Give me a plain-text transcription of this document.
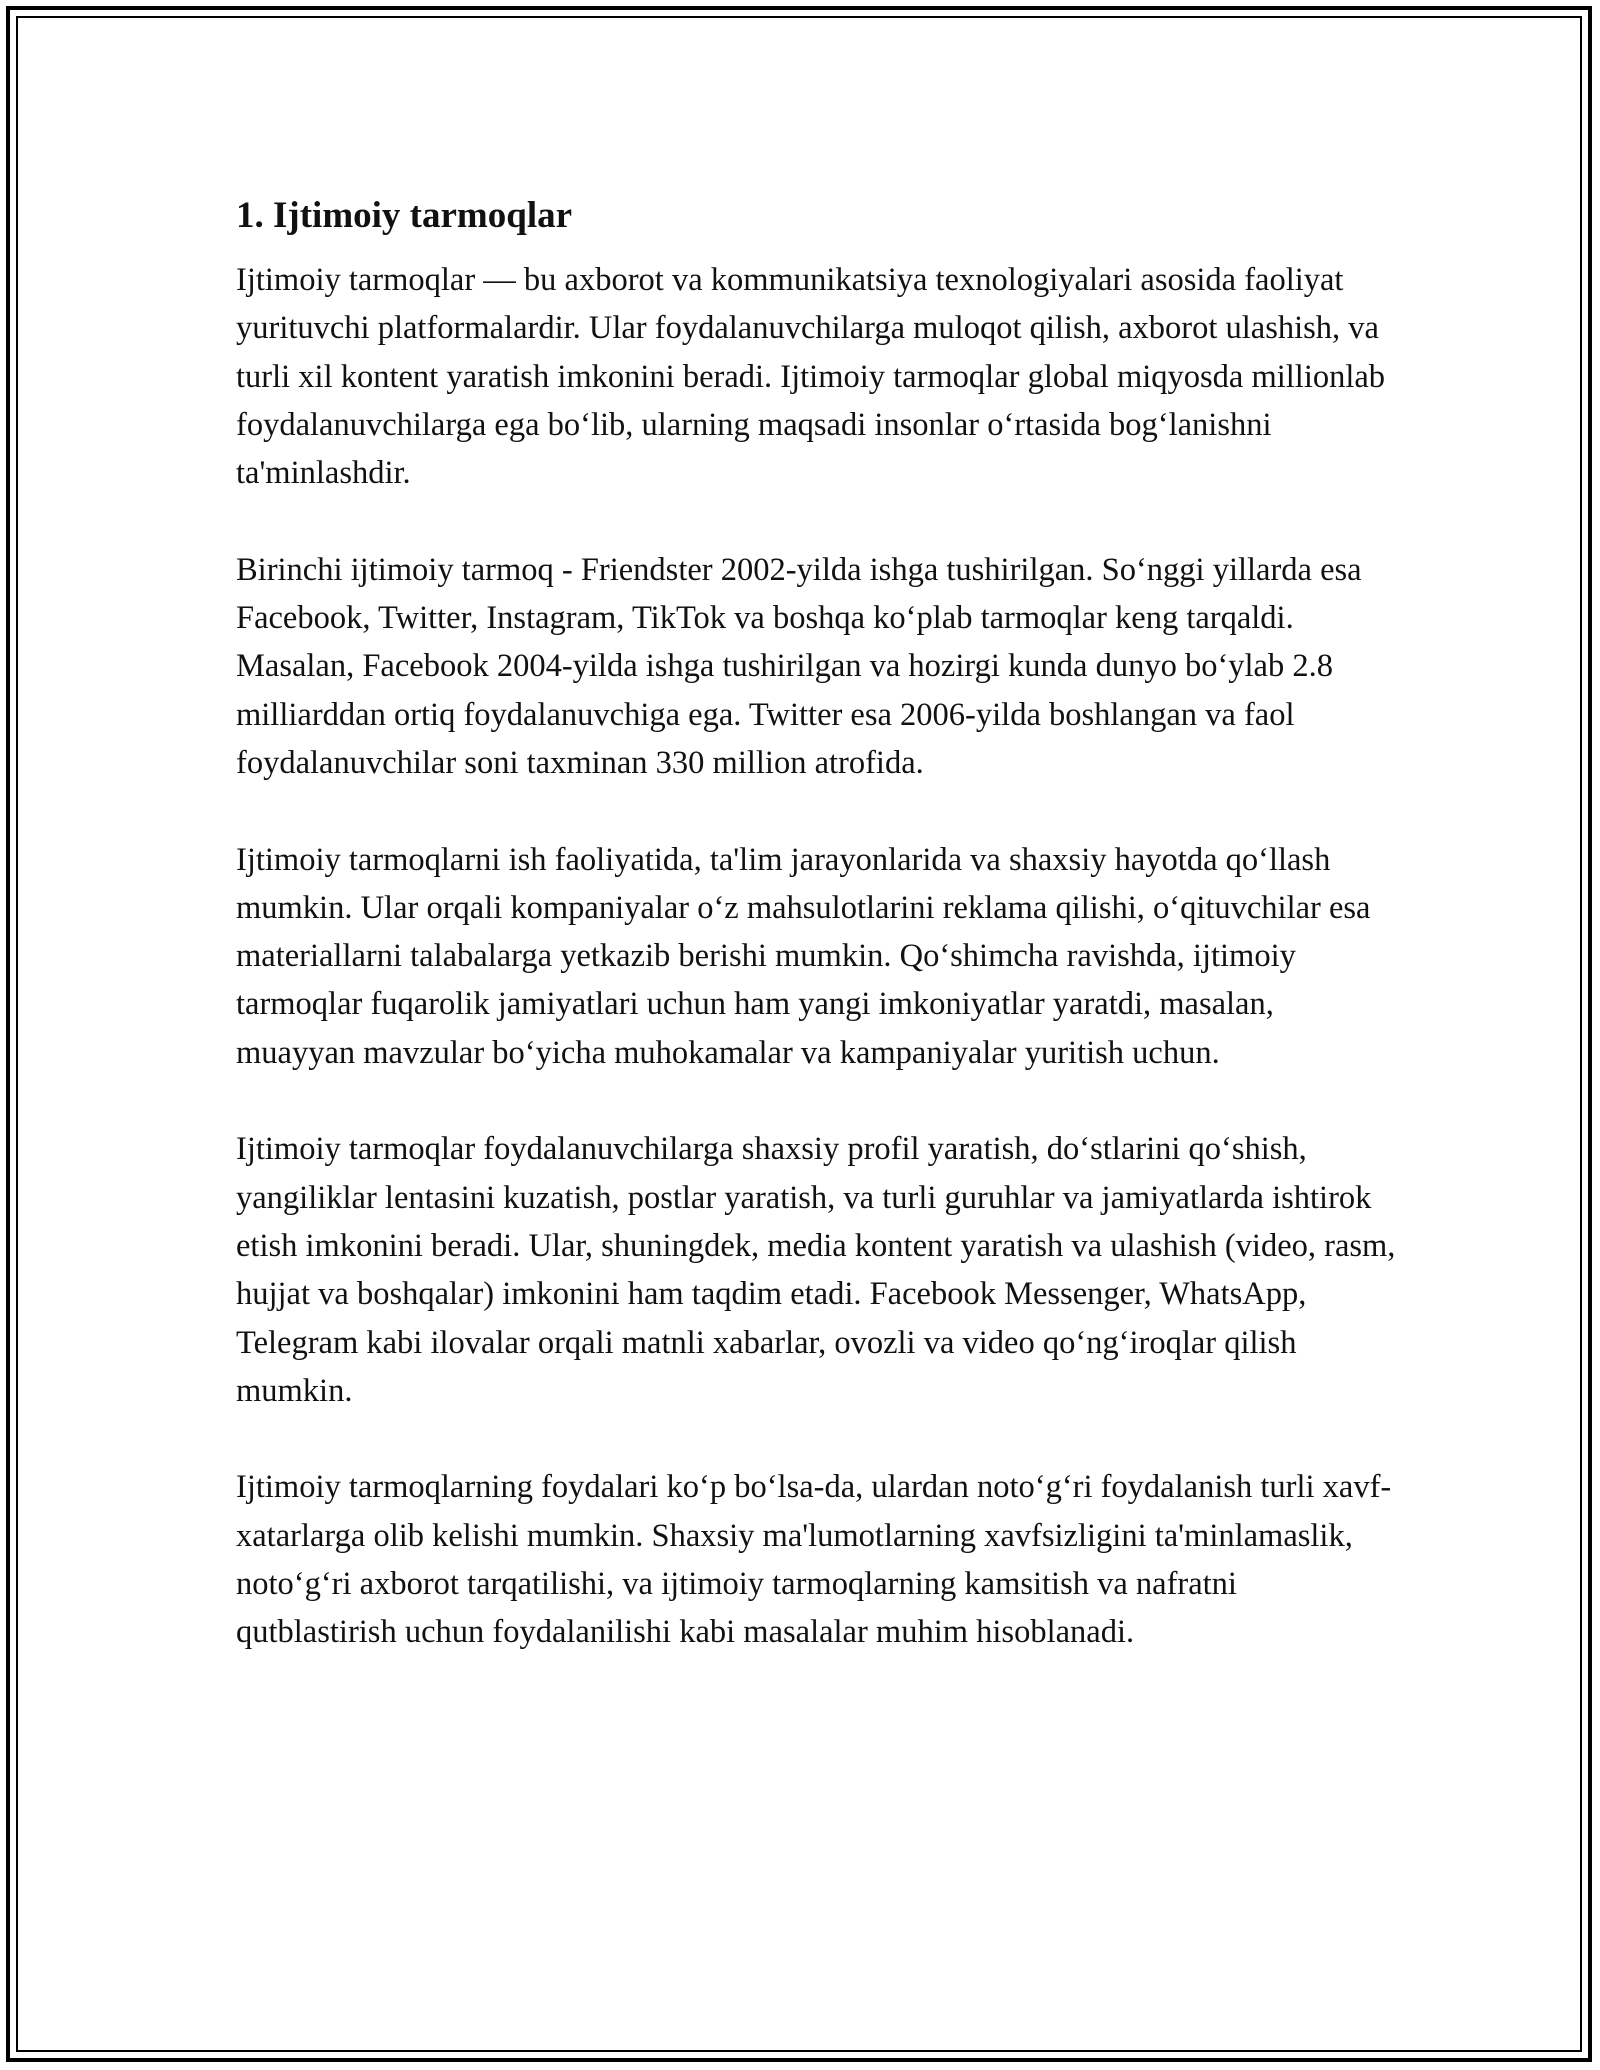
1. Ijtimoiy tarmoqlar

Ijtimoiy tarmoqlar — bu axborot va kommunikatsiya texnologiyalari asosida faoliyat yurituvchi platformalardir. Ular foydalanuvchilarga muloqot qilish, axborot ulashish, va turli xil kontent yaratish imkonini beradi. Ijtimoiy tarmoqlar global miqyosda millionlab foydalanuvchilarga ega bo‘lib, ularning maqsadi insonlar o‘rtasida bog‘lanishni ta'minlashdir.

Birinchi ijtimoiy tarmoq - Friendster 2002-yilda ishga tushirilgan. So‘nggi yillarda esa Facebook, Twitter, Instagram, TikTok va boshqa ko‘plab tarmoqlar keng tarqaldi. Masalan, Facebook 2004-yilda ishga tushirilgan va hozirgi kunda dunyo bo‘ylab 2.8 milliarddan ortiq foydalanuvchiga ega. Twitter esa 2006-yilda boshlangan va faol foydalanuvchilar soni taxminan 330 million atrofida.

Ijtimoiy tarmoqlarni ish faoliyatida, ta'lim jarayonlarida va shaxsiy hayotda qo‘llash mumkin. Ular orqali kompaniyalar o‘z mahsulotlarini reklama qilishi, o‘qituvchilar esa materiallarni talabalarga yetkazib berishi mumkin. Qo‘shimcha ravishda, ijtimoiy tarmoqlar fuqarolik jamiyatlari uchun ham yangi imkoniyatlar yaratdi, masalan, muayyan mavzular bo‘yicha muhokamalar va kampaniyalar yuritish uchun.

Ijtimoiy tarmoqlar foydalanuvchilarga shaxsiy profil yaratish, do‘stlarini qo‘shish, yangiliklar lentasini kuzatish, postlar yaratish, va turli guruhlar va jamiyatlarda ishtirok etish imkonini beradi. Ular, shuningdek, media kontent yaratish va ulashish (video, rasm, hujjat va boshqalar) imkonini ham taqdim etadi. Facebook Messenger, WhatsApp, Telegram kabi ilovalar orqali matnli xabarlar, ovozli va video qo‘ng‘iroqlar qilish mumkin.

Ijtimoiy tarmoqlarning foydalari ko‘p bo‘lsa-da, ulardan noto‘g‘ri foydalanish turli xavf-xatarlarga olib kelishi mumkin. Shaxsiy ma'lumotlarning xavfsizligini ta'minlamaslik, noto‘g‘ri axborot tarqatilishi, va ijtimoiy tarmoqlarning kamsitish va nafratni qutblastirish uchun foydalanilishi kabi masalalar muhim hisoblanadi.
